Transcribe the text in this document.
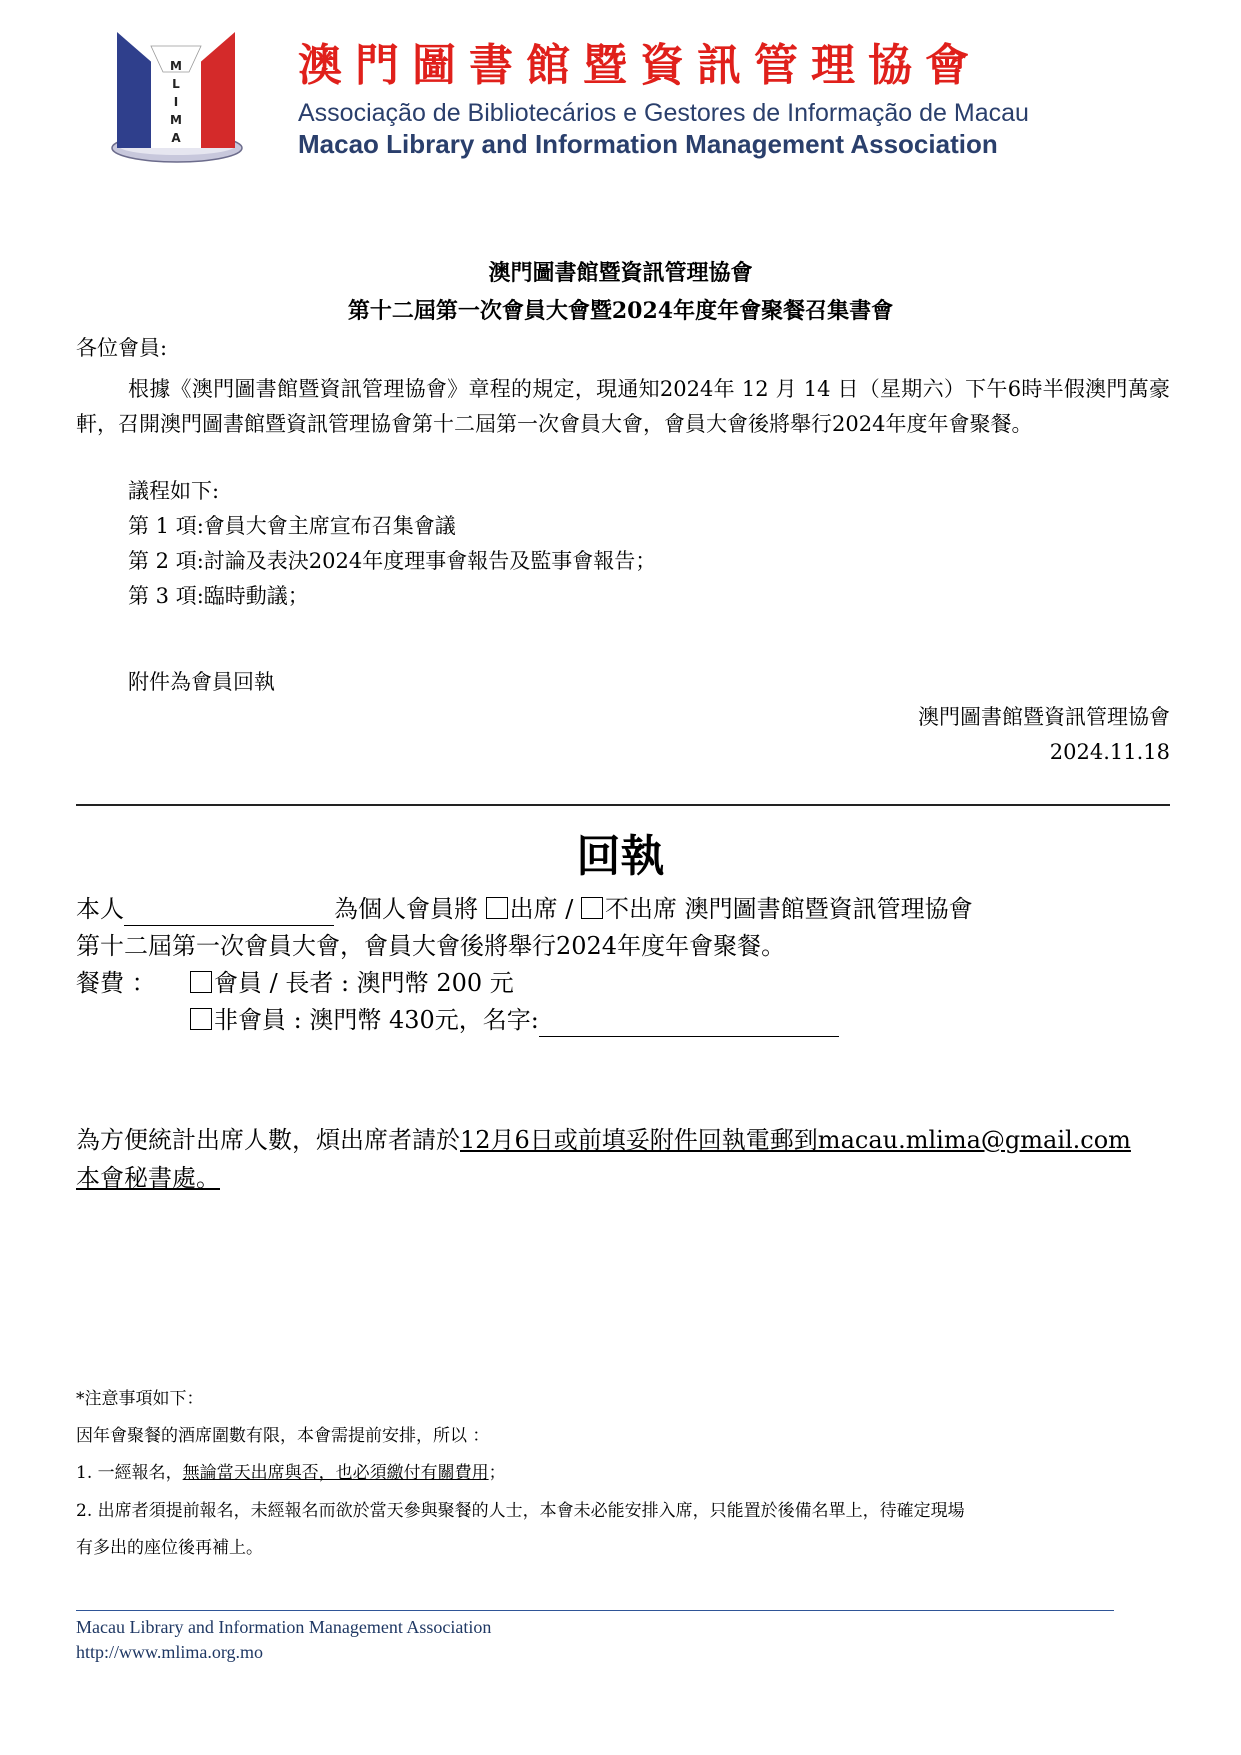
M
L
I
M
A
澳門圖書館暨資訊管理協會
Associação de Bibliotecários e Gestores de Informação de Macau
Macao Library and Information Management Association
澳門圖書館暨資訊管理協會
第十二屆第一次會員大會暨2024年度年會聚餐召集書會
各位會員:
根據《澳門圖書館暨資訊管理協會》章程的規定，現通知2024年 12 月 14 日（星期六）下午6時半假澳門萬豪軒，召開澳門圖書館暨資訊管理協會第十二屆第一次會員大會，會員大會後將舉行2024年度年會聚餐。
議程如下:
第 1 項:會員大會主席宣布召集會議
第 2 項:討論及表決2024年度理事會報告及監事會報告；
第 3 項:臨時動議；
附件為會員回執
澳門圖書館暨資訊管理協會
2024.11.18
回執
本人	為個人會員將 出席 / 不出席 澳門圖書館暨資訊管理協會
第十二屆第一次會員大會，會員大會後將舉行2024年度年會聚餐。
餐費 ：	會員 / 長者 : 澳門幣 200 元
非會員 : 澳門幣 430元，名字:
為方便統計出席人數，煩出席者請於12月6日或前填妥附件回執電郵到macau.mlima@gmail.com
本會秘書處。
*注意事項如下：
因年會聚餐的酒席圍數有限，本會需提前安排，所以 ：
1. 一經報名，無論當天出席與否，也必須繳付有關費用；
2. 出席者須提前報名，未經報名而欲於當天參與聚餐的人士，本會未必能安排入席，只能置於後備名單上，待確定現場
有多出的座位後再補上。
Macau Library and Information Management Association
http://www.mlima.org.mo
